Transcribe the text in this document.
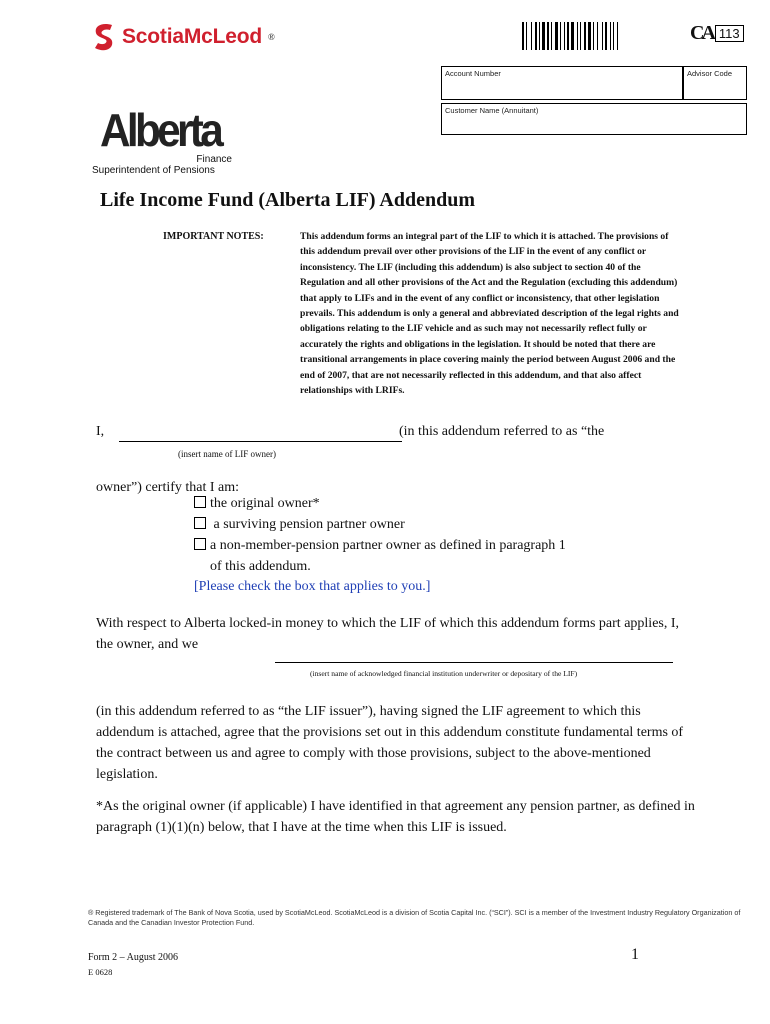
ScotiaMcLeod ®	CA 113
Account Number	Advisor Code
Customer Name (Annuitant)
Alberta
Finance
Superintendent of Pensions
Life Income Fund (Alberta LIF) Addendum
IMPORTANT NOTES:	This addendum forms an integral part of the LIF to which it is attached. The provisions of this addendum prevail over other provisions of the LIF in the event of any conflict or inconsistency. The LIF (including this addendum) is also subject to section 40 of the Regulation and all other provisions of the Act and the Regulation (excluding this addendum) that apply to LIFs and in the event of any conflict or inconsistency, that other legislation prevails. This addendum is only a general and abbreviated description of the legal rights and obligations relating to the LIF vehicle and as such may not necessarily reflect fully or accurately the rights and obligations in the legislation. It should be noted that there are transitional arrangements in place covering mainly the period between August 2006 and the end of 2007, that are not necessarily reflected in this addendum, and that also affect relationships with LRIFs.
I,	(in this addendum referred to as “the
(insert name of LIF owner)
owner”) certify that I am:
the original owner*
a surviving pension partner owner
a non-member-pension partner owner as defined in paragraph 1
of this addendum.
[Please check the box that applies to you.]
With respect to Alberta locked-in money to which the LIF of which this addendum forms part applies, I, the owner, and we
(insert name of acknowledged financial institution underwriter or depositary of the LIF)
(in this addendum referred to as “the LIF issuer”), having signed the LIF agreement to which this addendum is attached, agree that the provisions set out in this addendum constitute fundamental terms of the contract between us and agree to comply with those provisions, subject to the above-mentioned legislation.
*As the original owner (if applicable) I have identified in that agreement any pension partner, as defined in paragraph (1)(1)(n) below, that I have at the time when this LIF is issued.
® Registered trademark of The Bank of Nova Scotia, used by ScotiaMcLeod. ScotiaMcLeod is a division of Scotia Capital Inc. (“SCI”). SCI is a member of the Investment Industry Regulatory Organization of Canada and the Canadian Investor Protection Fund.
Form 2 – August 2006
E 0628
1
